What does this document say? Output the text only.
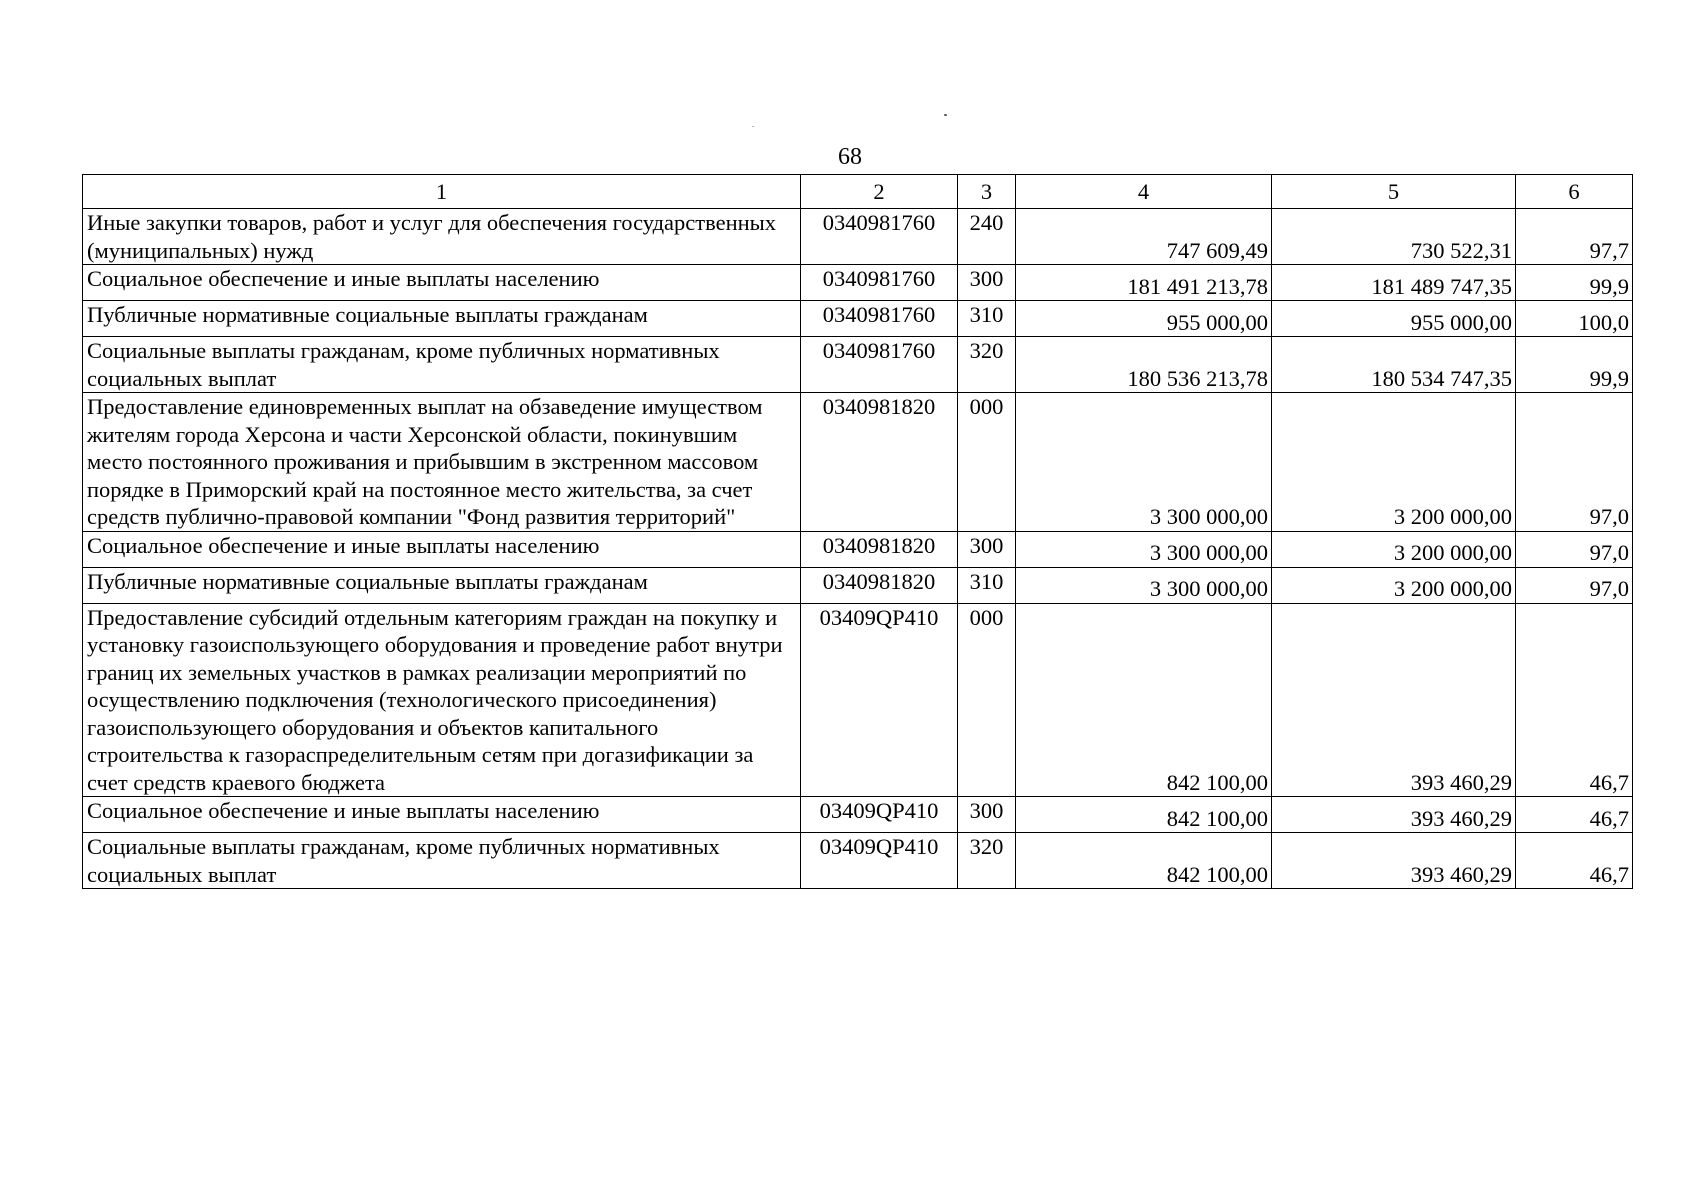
68
1	2	3	4	5	6
Иные закупки товаров, работ и услуг для обеспечения государственных (муниципальных) нужд	0340981760	240	747 609,49	730 522,31	97,7
Социальное обеспечение и иные выплаты населению	0340981760	300	181 491 213,78	181 489 747,35	99,9
Публичные нормативные социальные выплаты гражданам	0340981760	310	955 000,00	955 000,00	100,0
Социальные выплаты гражданам, кроме публичных нормативных социальных выплат	0340981760	320	180 536 213,78	180 534 747,35	99,9
Предоставление единовременных выплат на обзаведение имуществом жителям города Херсона и части Херсонской области, покинувшим место постоянного проживания и прибывшим в экстренном массовом порядке в Приморский край на постоянное место жительства, за счет средств публично-правовой компании "Фонд развития территорий"	0340981820	000	3 300 000,00	3 200 000,00	97,0
Социальное обеспечение и иные выплаты населению	0340981820	300	3 300 000,00	3 200 000,00	97,0
Публичные нормативные социальные выплаты гражданам	0340981820	310	3 300 000,00	3 200 000,00	97,0
Предоставление субсидий отдельным категориям граждан на покупку и установку газоиспользующего оборудования и проведение работ внутри границ их земельных участков в рамках реализации мероприятий по осуществлению подключения (технологического присоединения) газоиспользующего оборудования и объектов капитального строительства к газораспределительным сетям при догазификации за счет средств краевого бюджета	03409QP410	000	842 100,00	393 460,29	46,7
Социальное обеспечение и иные выплаты населению	03409QP410	300	842 100,00	393 460,29	46,7
Социальные выплаты гражданам, кроме публичных нормативных социальных выплат	03409QP410	320	842 100,00	393 460,29	46,7
